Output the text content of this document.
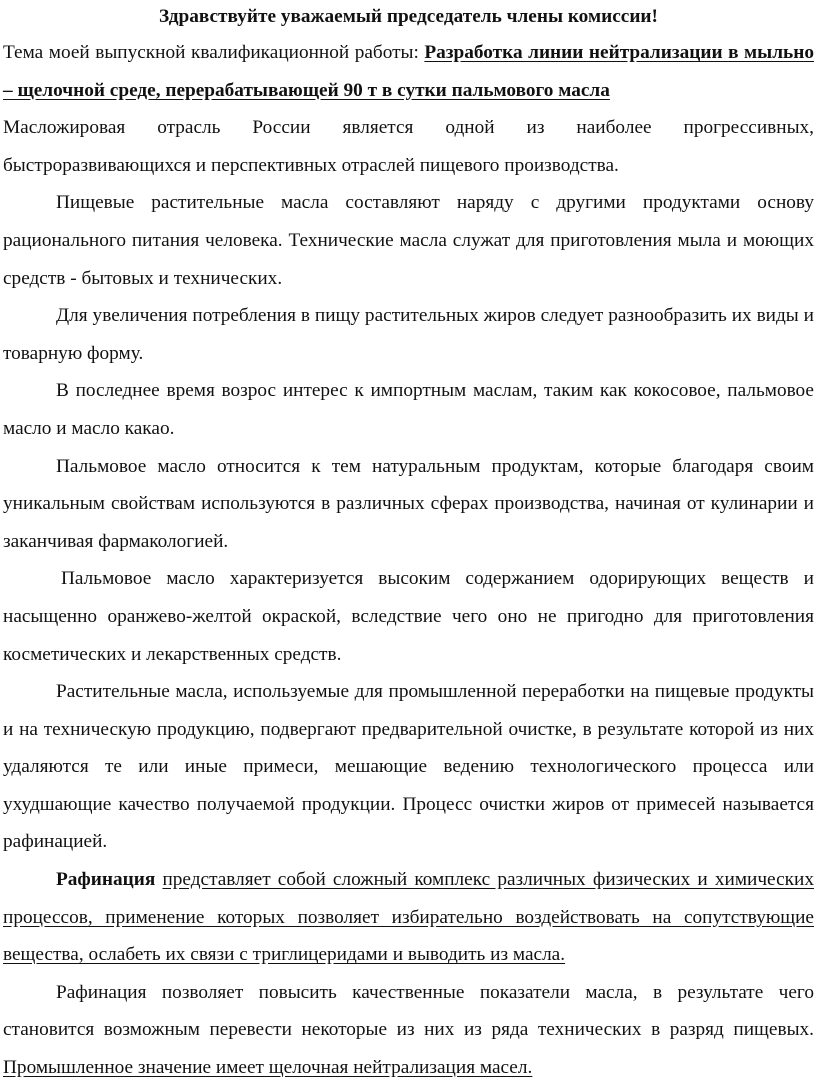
Здравствуйте уважаемый председатель члены комиссии!

Тема моей выпускной квалификационной работы: Разработка линии нейтрализации в мыльно – щелочной среде, перерабатывающей 90 т в сутки пальмового масла

Масложировая отрасль России является одной из наиболее прогрессивных, быстроразвивающихся и перспективных отраслей пищевого производства.

Пищевые растительные масла составляют наряду с другими продуктами основу рационального питания человека. Технические масла служат для приготовления мыла и моющих средств - бытовых и технических.

Для увеличения потребления в пищу растительных жиров следует разнообразить их виды и товарную форму.

В последнее время возрос интерес к импортным маслам, таким как кокосовое, пальмовое масло и масло какао.

Пальмовое масло относится к тем натуральным продуктам, которые благодаря своим уникальным свойствам используются в различных сферах производства, начиная от кулинарии и заканчивая фармакологией.

Пальмовое масло характеризуется высоким содержанием одорирующих веществ и насыщенно оранжево-желтой окраской, вследствие чего оно не пригодно для приготовления косметических и лекарственных средств.

Растительные масла, используемые для промышленной переработки на пищевые продукты и на техническую продукцию, подвергают предварительной очистке, в результате которой из них удаляются те или иные примеси, мешающие ведению технологического процесса или ухудшающие качество получаемой продукции. Процесс очистки жиров от примесей называется рафинацией.

Рафинация представляет собой сложный комплекс различных физических и химических процессов, применение которых позволяет избирательно воздействовать на сопутствующие вещества, ослабеть их связи с триглицеридами и выводить из масла.

Рафинация позволяет повысить качественные показатели масла, в результате чего становится возможным перевести некоторые из них из ряда технических в разряд пищевых. Промышленное значение имеет щелочная нейтрализация масел.
